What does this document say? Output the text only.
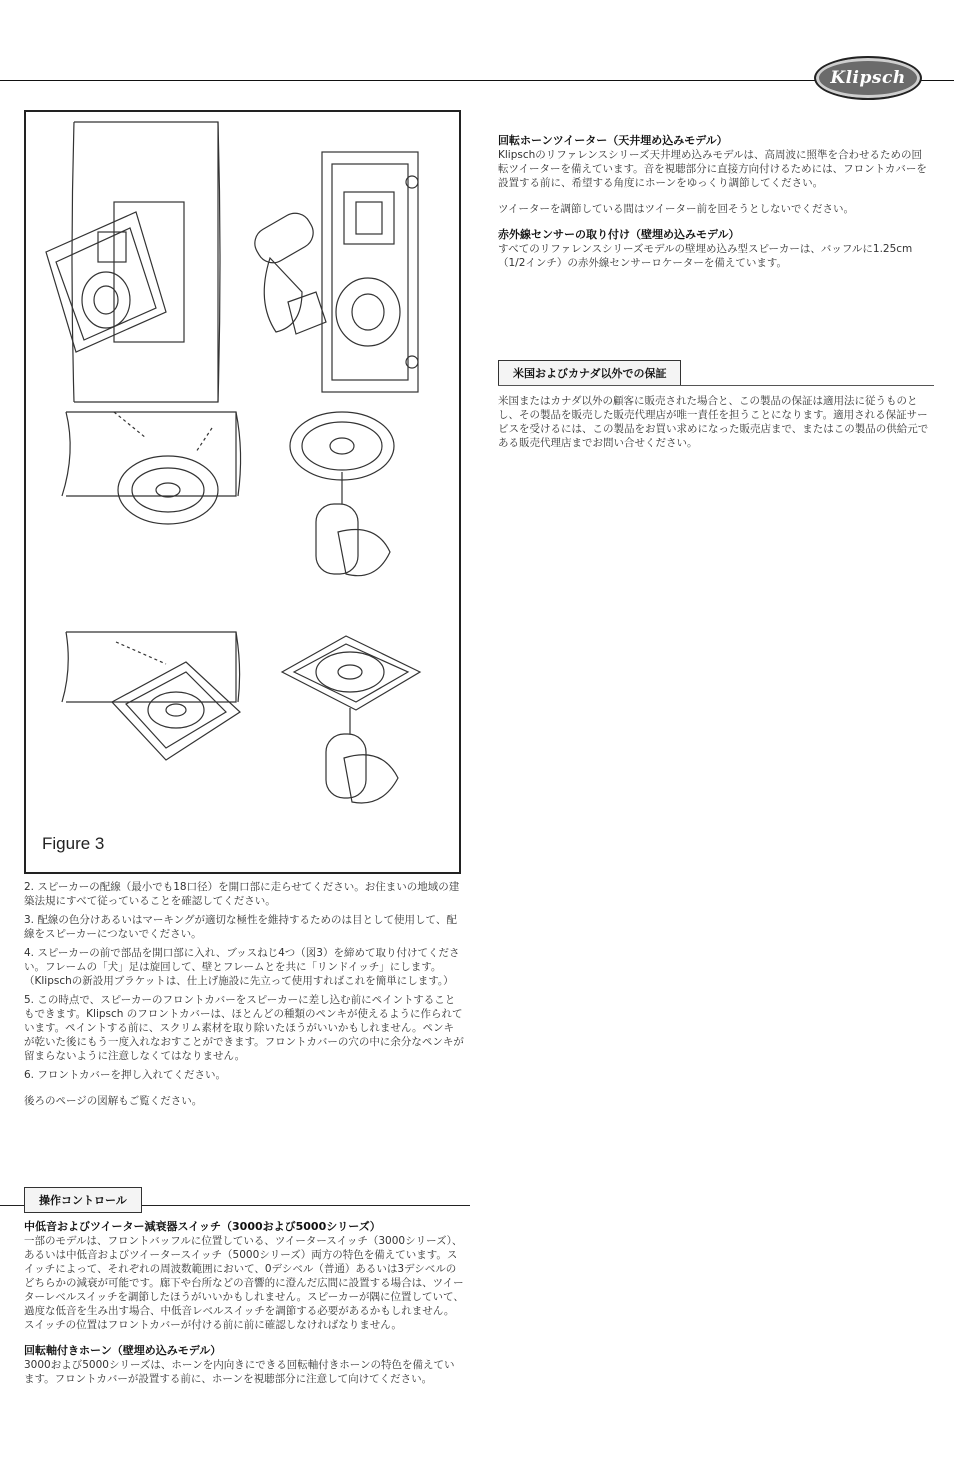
Klipsch
Figure 3

2. スピーカーの配線（最小でも18口径）を開口部に走らせてください。お住まいの地域の建築法規にすべて従っていることを確認してください。

3. 配線の色分けあるいはマーキングが適切な極性を維持するためのは目として使用して、配線をスピーカーにつないでください。

4. スピーカーの前で部品を開口部に入れ、ブッスねじ4つ（図3）を締めて取り付けてください。フレームの「犬」足は旋回して、壁とフレームとを共に「リンドイッチ」にします。（Klipschの新設用ブラケットは、仕上げ施設に先立って使用すればこれを簡単にします。）

5. この時点で、スピーカーのフロントカバーをスピーカーに差し込む前にペイントすることもできます。Klipsch のフロントカバーは、ほとんどの種類のペンキが使えるように作られています。ペイントする前に、スクリム素材を取り除いたほうがいいかもしれません。ペンキが乾いた後にもう一度入れなおすことができます。フロントカバーの穴の中に余分なペンキが留まらないように注意しなくてはなりません。

6. フロントカバーを押し入れてください。

後ろのページの図解もご覧ください。

操作コントロール

中低音およびツイーター減衰器スイッチ（3000および5000シリーズ）

一部のモデルは、フロントバッフルに位置している、ツイータースイッチ（3000シリーズ）、あるいは中低音およびツイータースイッチ（5000シリーズ）両方の特色を備えています。スイッチによって、それぞれの周波数範囲において、0デシベル（普通）あるいは3デシベルのどちらかの減衰が可能です。廊下や台所などの音響的に澄んだ広間に設置する場合は、ツイーターレベルスイッチを調節したほうがいいかもしれません。スピーカーが隅に位置していて、過度な低音を生み出す場合、中低音レベルスイッチを調節する必要があるかもしれません。スイッチの位置はフロントカバーが付ける前に前に確認しなければなりません。

回転軸付きホーン（壁埋め込みモデル）

3000および5000シリーズは、ホーンを内向きにできる回転軸付きホーンの特色を備えています。フロントカバーが設置する前に、ホーンを視聴部分に注意して向けてください。

回転ホーンツイーター（天井埋め込みモデル）

Klipschのリファレンスシリーズ天井埋め込みモデルは、高周波に照準を合わせるための回転ツイーターを備えています。音を視聴部分に直接方向付けるためには、フロントカバーを設置する前に、希望する角度にホーンをゆっくり調節してください。

ツイーターを調節している間はツイーター前を回そうとしないでください。

赤外線センサーの取り付け（壁埋め込みモデル）

すべてのリファレンスシリーズモデルの壁埋め込み型スピーカーは、バッフルに1.25cm（1/2インチ）の赤外線センサーロケーターを備えています。

米国およびカナダ以外での保証

米国またはカナダ以外の顧客に販売された場合と、この製品の保証は適用法に従うものとし、その製品を販売した販売代理店が唯一責任を担うことになります。適用される保証サービスを受けるには、この製品をお買い求めになった販売店まで、またはこの製品の供給元である販売代理店までお問い合せください。
